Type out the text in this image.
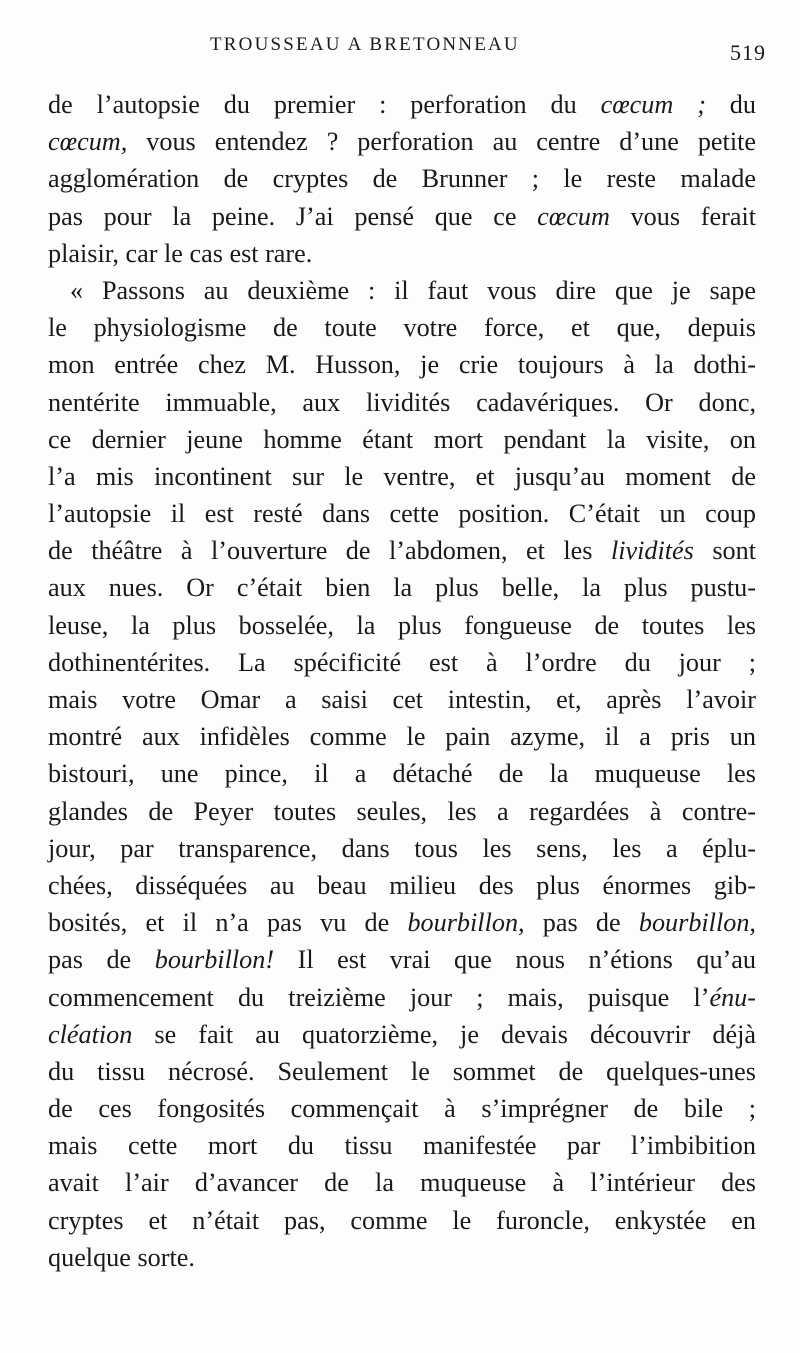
TROUSSEAU A BRETONNEAU	519
de l’autopsie du premier : perforation du cœcum ; du
cœcum, vous entendez ? perforation au centre d’une petite
agglomération de cryptes de Brunner ; le reste malade
pas pour la peine. J’ai pensé que ce cœcum vous ferait
plaisir, car le cas est rare.
« Passons au deuxième : il faut vous dire que je sape
le physiologisme de toute votre force, et que, depuis
mon entrée chez M. Husson, je crie toujours à la dothi-
nentérite immuable, aux lividités cadavériques. Or donc,
ce dernier jeune homme étant mort pendant la visite, on
l’a mis incontinent sur le ventre, et jusqu’au moment de
l’autopsie il est resté dans cette position. C’était un coup
de théâtre à l’ouverture de l’abdomen, et les lividités sont
aux nues. Or c’était bien la plus belle, la plus pustu-
leuse, la plus bosselée, la plus fongueuse de toutes les
dothinentérites. La spécificité est à l’ordre du jour ;
mais votre Omar a saisi cet intestin, et, après l’avoir
montré aux infidèles comme le pain azyme, il a pris un
bistouri, une pince, il a détaché de la muqueuse les
glandes de Peyer toutes seules, les a regardées à contre-
jour, par transparence, dans tous les sens, les a éplu-
chées, disséquées au beau milieu des plus énormes gib-
bosités, et il n’a pas vu de bourbillon, pas de bourbillon,
pas de bourbillon! Il est vrai que nous n’étions qu’au
commencement du treizième jour ; mais, puisque l’énu-
cléation se fait au quatorzième, je devais découvrir déjà
du tissu nécrosé. Seulement le sommet de quelques-unes
de ces fongosités commençait à s’imprégner de bile ;
mais cette mort du tissu manifestée par l’imbibition
avait l’air d’avancer de la muqueuse à l’intérieur des
cryptes et n’était pas, comme le furoncle, enkystée en
quelque sorte.
